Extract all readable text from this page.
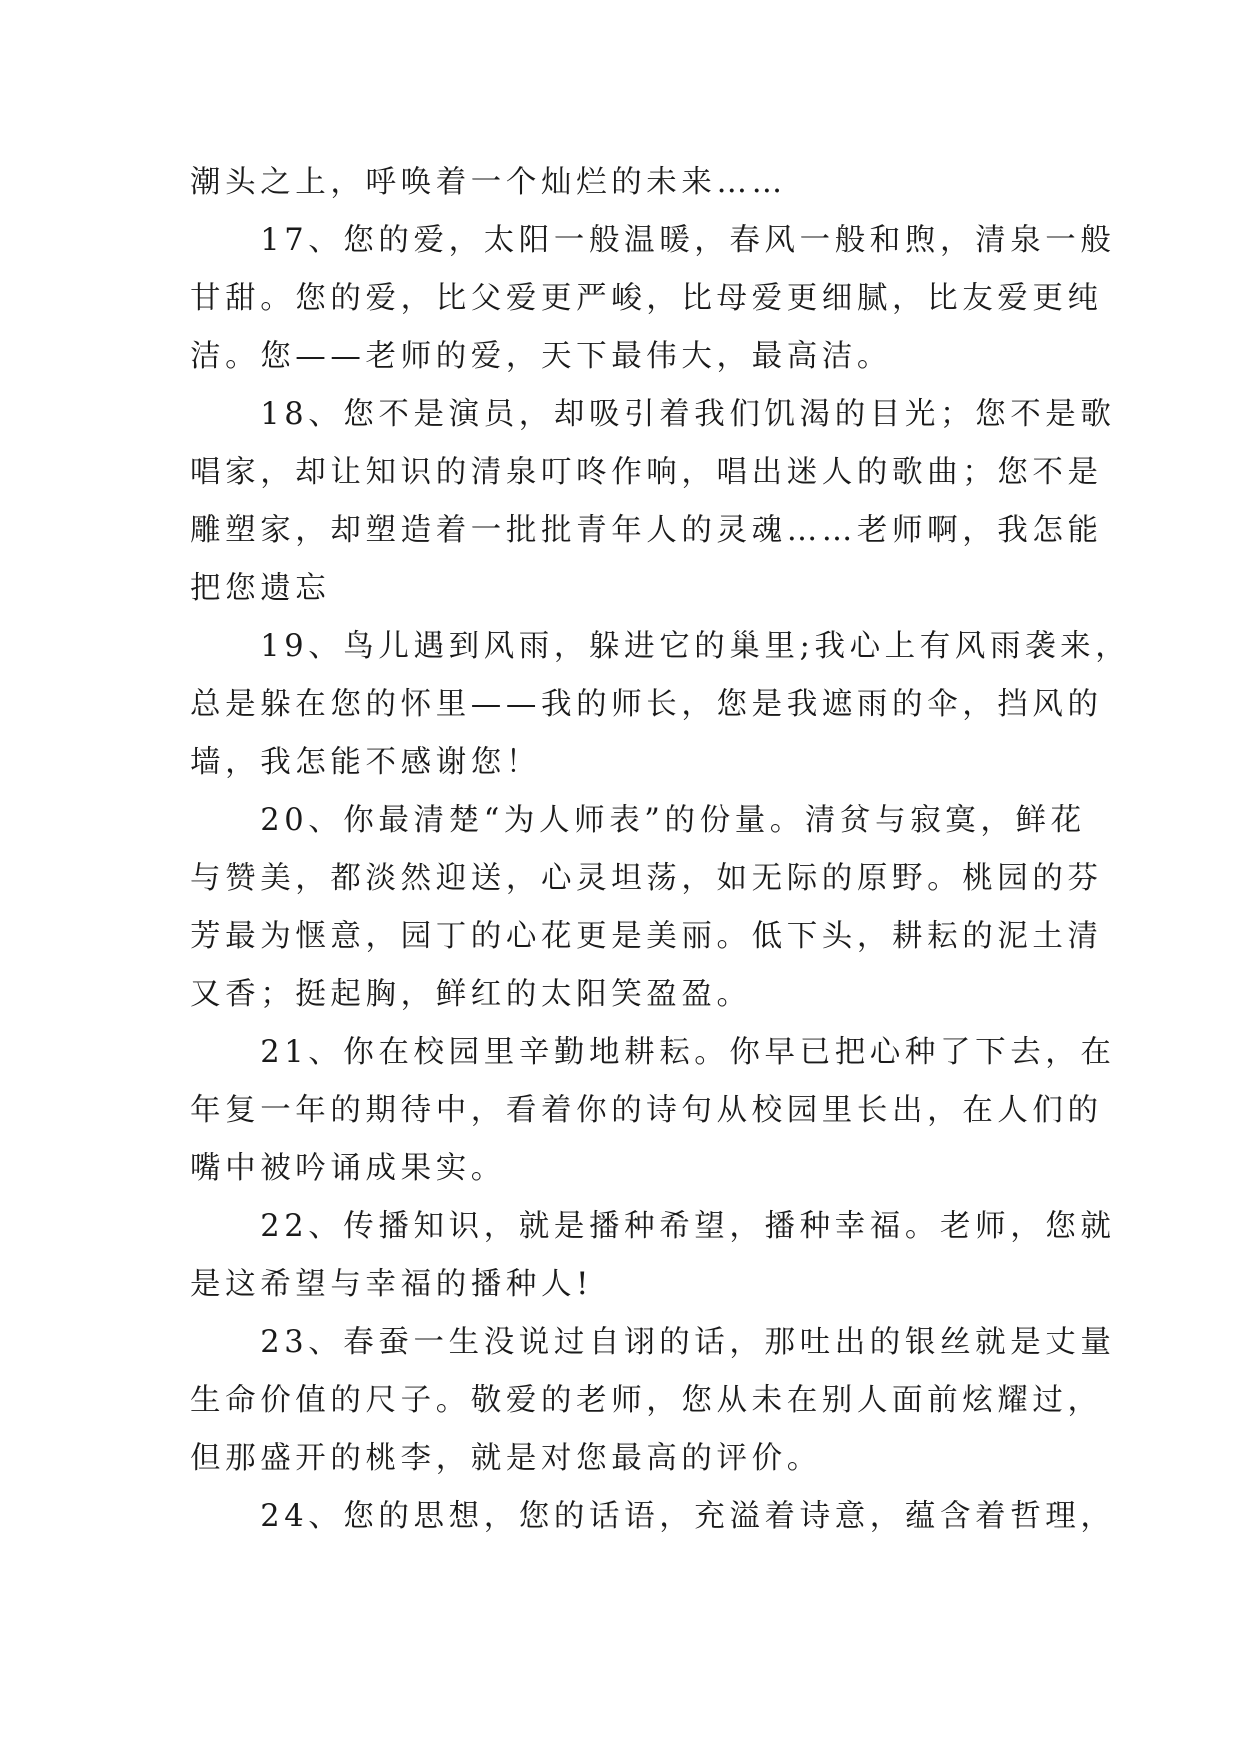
潮头之上，呼唤着一个灿烂的未来……
　　17、您的爱，太阳一般温暖，春风一般和煦，清泉一般
甘甜。您的爱，比父爱更严峻，比母爱更细腻，比友爱更纯
洁。您——老师的爱，天下最伟大，最高洁。
　　18、您不是演员，却吸引着我们饥渴的目光；您不是歌
唱家，却让知识的清泉叮咚作响，唱出迷人的歌曲；您不是
雕塑家，却塑造着一批批青年人的灵魂……老师啊，我怎能
把您遗忘
　　19、鸟儿遇到风雨，躲进它的巢里;我心上有风雨袭来，
总是躲在您的怀里——我的师长，您是我遮雨的伞，挡风的
墙，我怎能不感谢您！
　　20、你最清楚“为人师表”的份量。清贫与寂寞，鲜花
与赞美，都淡然迎送，心灵坦荡，如无际的原野。桃园的芬
芳最为惬意，园丁的心花更是美丽。低下头，耕耘的泥土清
又香；挺起胸，鲜红的太阳笑盈盈。
　　21、你在校园里辛勤地耕耘。你早已把心种了下去，在
年复一年的期待中，看着你的诗句从校园里长出，在人们的
嘴中被吟诵成果实。
　　22、传播知识，就是播种希望，播种幸福。老师，您就
是这希望与幸福的播种人!
　　23、春蚕一生没说过自诩的话，那吐出的银丝就是丈量
生命价值的尺子。敬爱的老师，您从未在别人面前炫耀过，
但那盛开的桃李，就是对您最高的评价。
　　24、您的思想，您的话语，充溢着诗意，蕴含着哲理，
